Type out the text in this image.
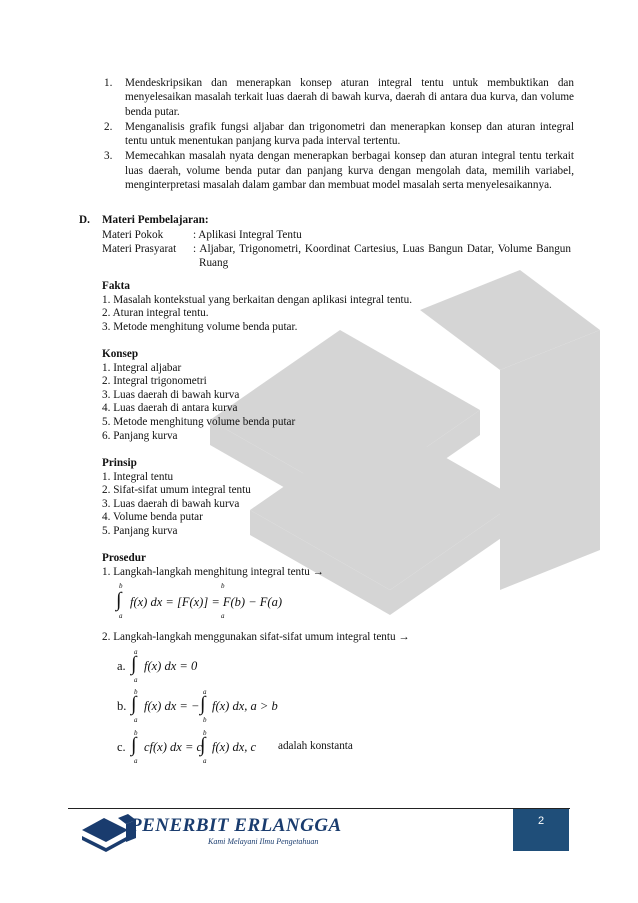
1.	Mendeskripsikan dan menerapkan konsep aturan integral tentu untuk membuktikan dan menyelesaikan masalah terkait luas daerah di bawah kurva, daerah di antara dua kurva, dan volume benda putar.
2.	Menganalisis grafik fungsi aljabar dan trigonometri dan menerapkan konsep dan aturan integral tentu untuk menentukan panjang kurva pada interval tertentu.
3.	Memecahkan masalah nyata dengan menerapkan berbagai konsep dan aturan integral tentu terkait luas daerah, volume benda putar dan panjang kurva dengan mengolah data, memilih variabel, menginterpretasi masalah dalam gambar dan membuat model masalah serta menyelesaikannya.
D. Materi Pembelajaran:
Materi Pokok	: Aplikasi Integral Tentu
Materi Prasyarat : Aljabar, Trigonometri, Koordinat Cartesius, Luas Bangun Datar, Volume Bangun Ruang
Fakta
1. Masalah kontekstual yang berkaitan dengan aplikasi integral tentu.
2. Aturan integral tentu.
3. Metode menghitung volume benda putar.
Konsep
1. Integral aljabar
2. Integral trigonometri
3. Luas daerah di bawah kurva
4. Luas daerah di antara kurva
5. Metode menghitung volume benda putar
6. Panjang kurva
Prinsip
1. Integral tentu
2. Sifat-sifat umum integral tentu
3. Luas daerah di bawah kurva
4. Volume benda putar
5. Panjang kurva
Prosedur
1. Langkah-langkah menghitung integral tentu →
b
∫
a
f(x) dx = [F(x)] = F(b) − F(a)
b
a
2. Langkah-langkah menggunakan sifat-sifat umum integral tentu →
a.
a
∫
a
f(x) dx = 0
b.
b
∫
a
f(x) dx = −
a
∫
b
f(x) dx, a > b
c.
b
∫
a
cf(x) dx = c
b
∫
a
f(x) dx, c adalah konstanta
PENERBIT ERLANGGA
Kami Melayani Ilmu Pengetahuan
2
